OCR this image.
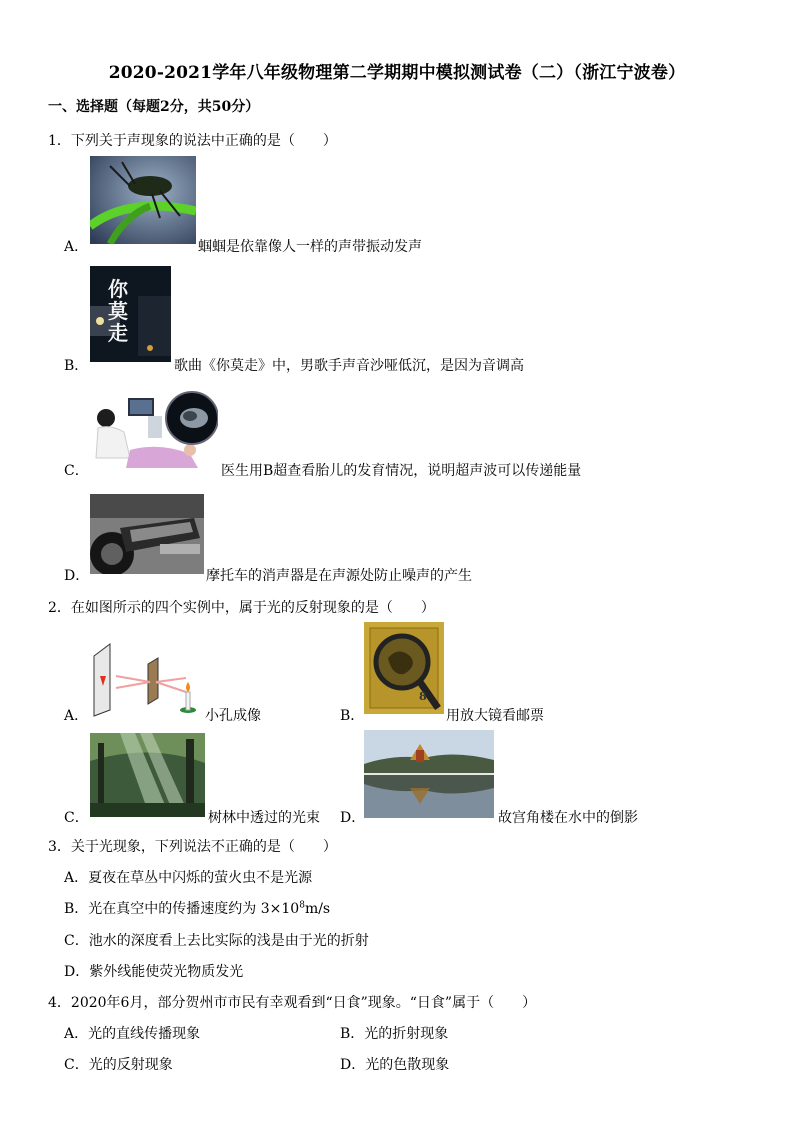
2020-2021学年八年级物理第二学期期中模拟测试卷（二）（浙江宁波卷）
一、选择题（每题2分，共50分）
1．下列关于声现象的说法中正确的是（　　）
A．	蝈蝈是依靠像人一样的声带振动发声
你莫走
B．	歌曲《你莫走》中，男歌手声音沙哑低沉，是因为音调高
C．	医生用B超查看胎儿的发育情况，说明超声波可以传递能量
D．	摩托车的消声器是在声源处防止噪声的产生
2．在如图所示的四个实例中，属于光的反射现象的是（　　）
A．	小孔成像
8
B．	用放大镜看邮票
C．	树林中透过的光束 D．	故宫角楼在水中的倒影
3．关于光现象，下列说法不正确的是（　　）
A．夏夜在草丛中闪烁的萤火虫不是光源
B．光在真空中的传播速度约为 $3\times 10^8m/s$
C．池水的深度看上去比实际的浅是由于光的折射
D．紫外线能使荧光物质发光
4．2020年6月，部分贺州市市民有幸观看到“日食”现象。“日食”属于（　　）
A．光的直线传播现象	B．光的折射现象
C．光的反射现象	D．光的色散现象
